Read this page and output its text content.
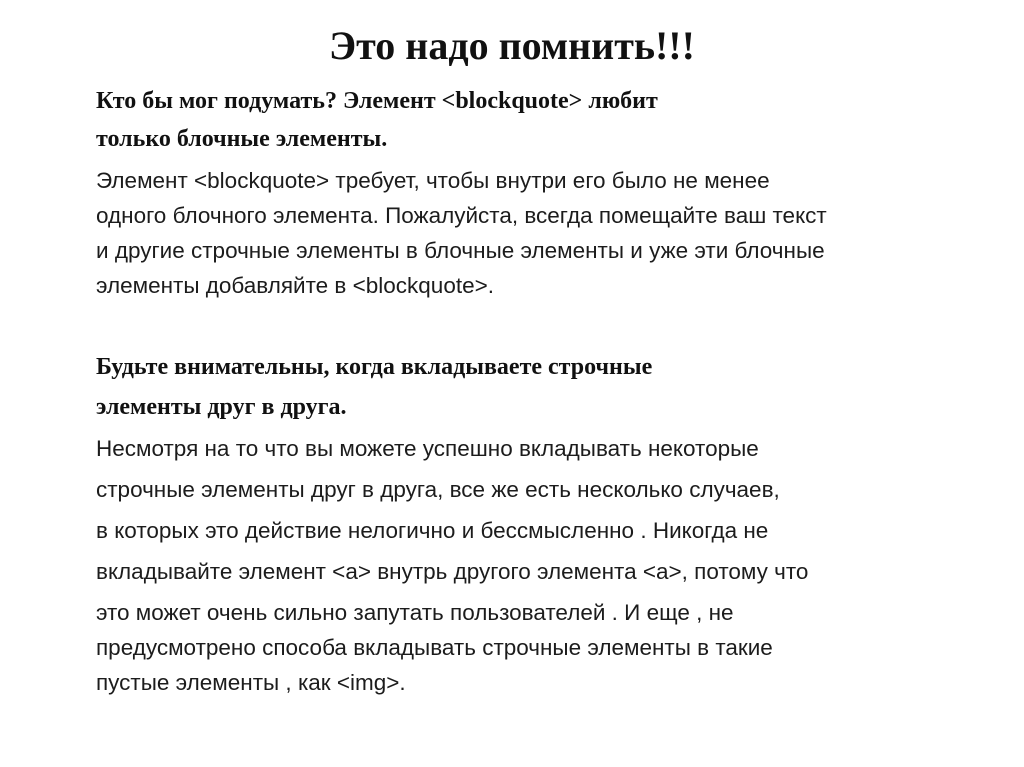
Это надо помнить!!!
Кто бы мог подумать? Элемент <blockquote> любит
только блочные элементы.
Элемент <blockquote> требует, чтобы внутри его было не менее
одного блочного элемента. Пожалуйста, всегда помещайте ваш текст
и другие строчные элементы в блочные элементы и уже эти блочные
элементы добавляйте в <blockquote>.
Будьте внимательны, когда вкладываете строчные
элементы друг в друга.
Несмотря на то что вы можете успешно вкладывать некоторые
строчные элементы друг в друга, все же есть несколько случаев,
в которых это действие нелогично и бессмысленно . Никогда не
вкладывайте элемент <a> внутрь другого элемента <a>, потому что
это может очень сильно запутать пользователей . И еще , не
предусмотрено способа вкладывать строчные элементы в такие
пустые элементы , как <img>.
